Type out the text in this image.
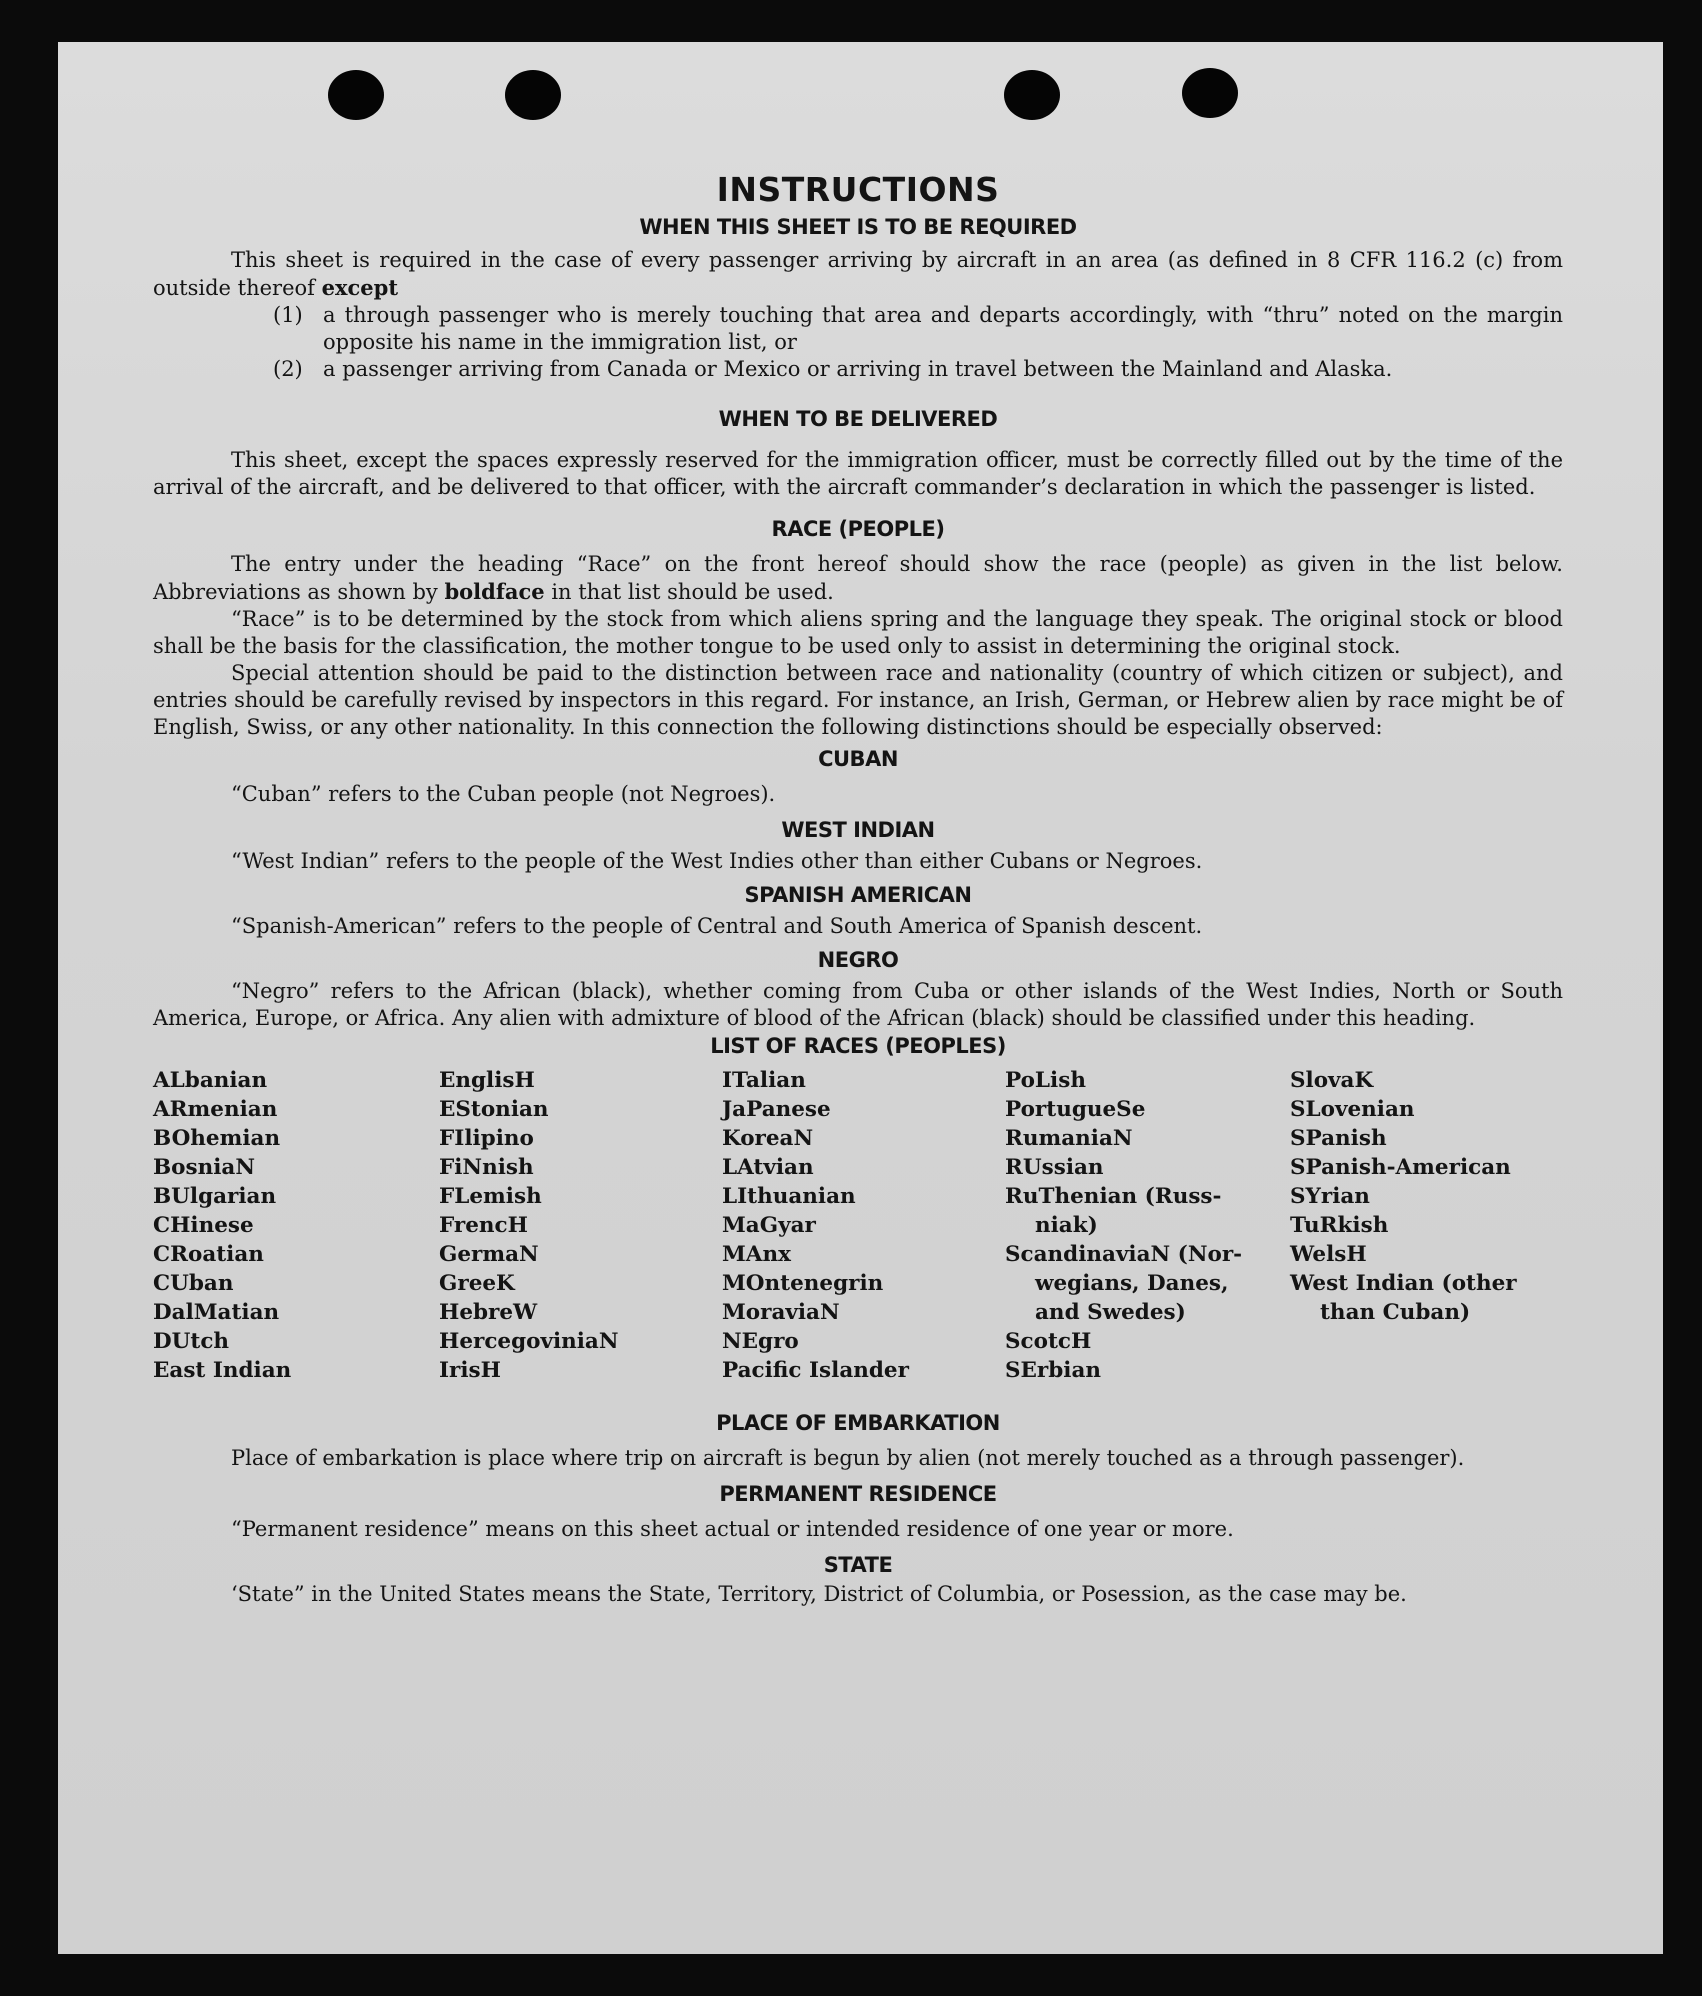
INSTRUCTIONS
WHEN THIS SHEET IS TO BE REQUIRED

This sheet is required in the case of every passenger arriving by aircraft in an area (as defined in 8 CFR 116.2 (c) from outside thereof except

(1) a through passenger who is merely touching that area and departs accordingly, with “thru” noted on the margin opposite his name in the immigration list, or
(2) a passenger arriving from Canada or Mexico or arriving in travel between the Mainland and Alaska.
WHEN TO BE DELIVERED

This sheet, except the spaces expressly reserved for the immigration officer, must be correctly filled out by the time of the arrival of the aircraft, and be delivered to that officer, with the aircraft commander’s declaration in which the passenger is listed.

RACE (PEOPLE)

The entry under the heading “Race” on the front hereof should show the race (people) as given in the list below. Abbreviations as shown by boldface in that list should be used.

“Race” is to be determined by the stock from which aliens spring and the language they speak. The original stock or blood shall be the basis for the classification, the mother tongue to be used only to assist in determining the original stock.

Special attention should be paid to the distinction between race and nationality (country of which citizen or subject), and entries should be carefully revised by inspectors in this regard. For instance, an Irish, German, or Hebrew alien by race might be of English, Swiss, or any other nationality. In this connection the following distinctions should be especially observed:

CUBAN

“Cuban” refers to the Cuban people (not Negroes).

WEST INDIAN

“West Indian” refers to the people of the West Indies other than either Cubans or Negroes.

SPANISH AMERICAN

“Spanish-American” refers to the people of Central and South America of Spanish descent.

NEGRO

“Negro” refers to the African (black), whether coming from Cuba or other islands of the West Indies, North or South America, Europe, or Africa. Any alien with admixture of blood of the African (black) should be classified under this heading.

LIST OF RACES (PEOPLES)
ALbanian
ARmenian
BOhemian
BosniaN
BUlgarian
CHinese
CRoatian
CUban
DalMatian
DUtch
East Indian
EnglisH
EStonian
FIlipino
FiNnish
FLemish
FrencH
GermaN
GreeK
HebreW
HercegoviniaN
IrisH
ITalian
JaPanese
KoreaN
LAtvian
LIthuanian
MaGyar
MAnx
MOntenegrin
MoraviaN
NEgro
Pacific Islander
PoLish
PortugueSe
RumaniaN
RUssian
RuThenian (Russ-
niak)
ScandinaviaN (Nor-
wegians, Danes,
and Swedes)
ScotcH
SErbian
SlovaK
SLovenian
SPanish
SPanish-American
SYrian
TuRkish
WelsH
West Indian (other
than Cuban)
PLACE OF EMBARKATION

Place of embarkation is place where trip on aircraft is begun by alien (not merely touched as a through passenger).

PERMANENT RESIDENCE

“Permanent residence” means on this sheet actual or intended residence of one year or more.

STATE

‘State” in the United States means the State, Territory, District of Columbia, or Posession, as the case may be.
